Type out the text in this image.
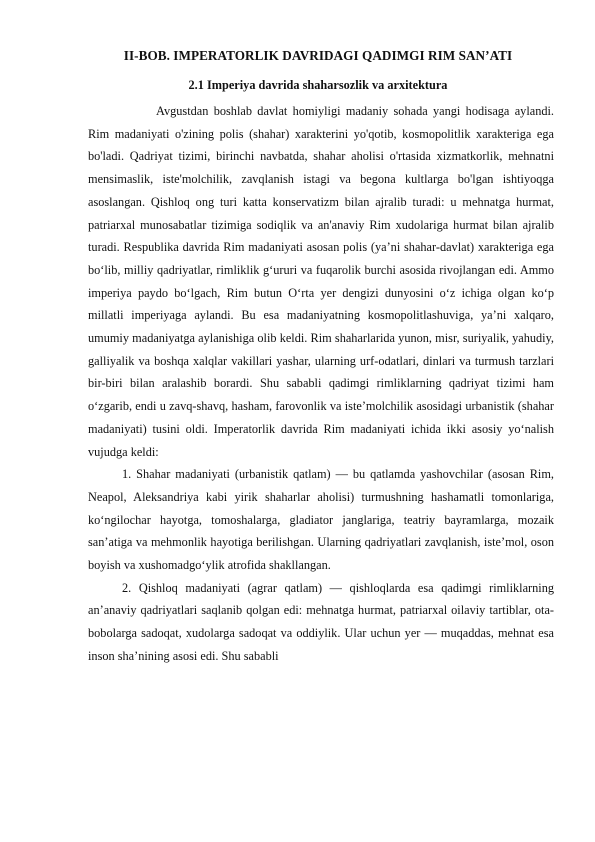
II-BOB. IMPERATORLIK DAVRIDAGI QADIMGI RIM SAN’ATI
2.1 Imperiya davrida shaharsozlik va arxitektura

Avgustdan boshlab davlat homiyligi madaniy sohada yangi hodisaga aylandi. Rim madaniyati o'zining polis (shahar) xarakterini yo'qotib, kosmopolitlik xarakteriga ega bo'ladi. Qadriyat tizimi, birinchi navbatda, shahar aholisi o'rtasida xizmatkorlik, mehnatni mensimaslik, iste'molchilik, zavqlanish istagi va begona kultlarga bo'lgan ishtiyoqga asoslangan. Qishloq ong turi katta konservatizm bilan ajralib turadi: u mehnatga hurmat, patriarxal munosabatlar tizimiga sodiqlik va an'anaviy Rim xudolariga hurmat bilan ajralib turadi. Respublika davrida Rim madaniyati asosan polis (ya’ni shahar-davlat) xarakteriga ega bo‘lib, milliy qadriyatlar, rimliklik g‘ururi va fuqarolik burchi asosida rivojlangan edi. Ammo imperiya paydo bo‘lgach, Rim butun O‘rta yer dengizi dunyosini o‘z ichiga olgan ko‘p millatli imperiyaga aylandi. Bu esa madaniyatning kosmopolitlashuviga, ya’ni xalqaro, umumiy madaniyatga aylanishiga olib keldi. Rim shaharlarida yunon, misr, suriyalik, yahudiy, galliyalik va boshqa xalqlar vakillari yashar, ularning urf-odatlari, dinlari va turmush tarzlari bir-biri bilan aralashib borardi. Shu sababli qadimgi rimliklarning qadriyat tizimi ham o‘zgarib, endi u zavq-shavq, hasham, farovonlik va iste’molchilik asosidagi urbanistik (shahar madaniyati) tusini oldi. Imperatorlik davrida Rim madaniyati ichida ikki asosiy yo‘nalish vujudga keldi:

1. Shahar madaniyati (urbanistik qatlam) — bu qatlamda yashovchilar (asosan Rim, Neapol, Aleksandriya kabi yirik shaharlar aholisi) turmushning hashamatli tomonlariga, ko‘ngilochar hayotga, tomoshalarga, gladiator janglariga, teatriy bayramlarga, mozaik san’atiga va mehmonlik hayotiga berilishgan. Ularning qadriyatlari zavqlanish, iste’mol, oson boyish va xushomadgo‘ylik atrofida shakllangan.

2. Qishloq madaniyati (agrar qatlam) — qishloqlarda esa qadimgi rimliklarning an’anaviy qadriyatlari saqlanib qolgan edi: mehnatga hurmat, patriarxal oilaviy tartiblar, ota-bobolarga sadoqat, xudolarga sadoqat va oddiylik. Ular uchun yer — muqaddas, mehnat esa inson sha’nining asosi edi. Shu sababli
